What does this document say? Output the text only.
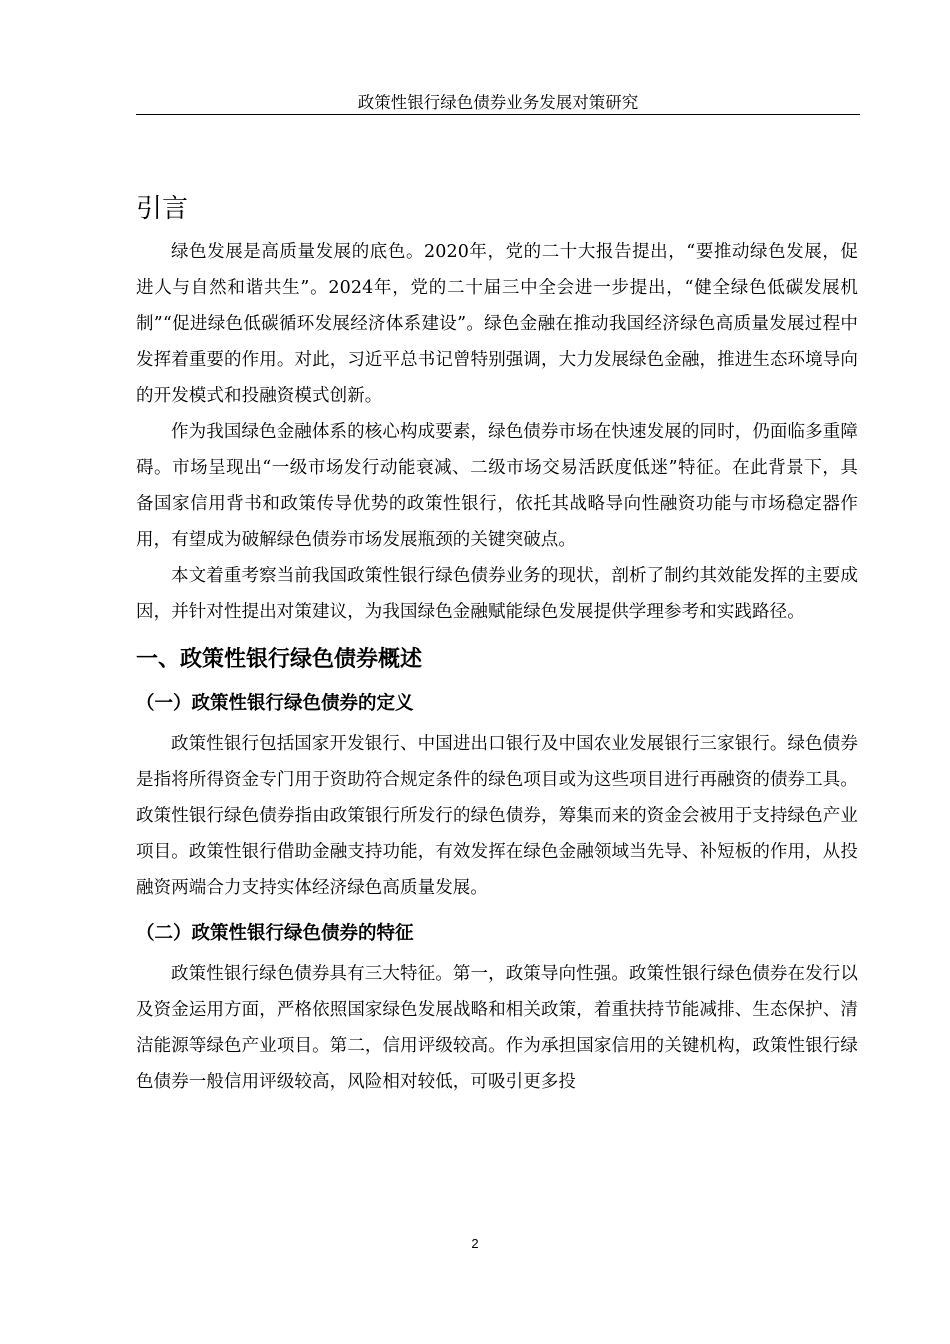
政策性银行绿色债券业务发展对策研究
引言

绿色发展是高质量发展的底色。2020年，党的二十大报告提出，“要推动绿色发展，促进人与自然和谐共生”。2024年，党的二十届三中全会进一步提出，“健全绿色低碳发展机制”“促进绿色低碳循环发展经济体系建设”。绿色金融在推动我国经济绿色高质量发展过程中发挥着重要的作用。对此，习近平总书记曾特别强调，大力发展绿色金融，推进生态环境导向的开发模式和投融资模式创新。

作为我国绿色金融体系的核心构成要素，绿色债券市场在快速发展的同时，仍面临多重障碍。市场呈现出“一级市场发行动能衰减、二级市场交易活跃度低迷”特征。在此背景下，具备国家信用背书和政策传导优势的政策性银行，依托其战略导向性融资功能与市场稳定器作用，有望成为破解绿色债券市场发展瓶颈的关键突破点。

本文着重考察当前我国政策性银行绿色债券业务的现状，剖析了制约其效能发挥的主要成因，并针对性提出对策建议，为我国绿色金融赋能绿色发展提供学理参考和实践路径。

一、政策性银行绿色债券概述
（一）政策性银行绿色债券的定义

政策性银行包括国家开发银行、中国进出口银行及中国农业发展银行三家银行。绿色债券是指将所得资金专门用于资助符合规定条件的绿色项目或为这些项目进行再融资的债券工具。政策性银行绿色债券指由政策银行所发行的绿色债券，筹集而来的资金会被用于支持绿色产业项目。政策性银行借助金融支持功能，有效发挥在绿色金融领域当先导、补短板的作用，从投融资两端合力支持实体经济绿色高质量发展。

（二）政策性银行绿色债券的特征

政策性银行绿色债券具有三大特征。第一，政策导向性强。政策性银行绿色债券在发行以及资金运用方面，严格依照国家绿色发展战略和相关政策，着重扶持节能减排、生态保护、清洁能源等绿色产业项目。第二，信用评级较高。作为承担国家信用的关键机构，政策性银行绿色债券一般信用评级较高，风险相对较低，可吸引更多投

2
